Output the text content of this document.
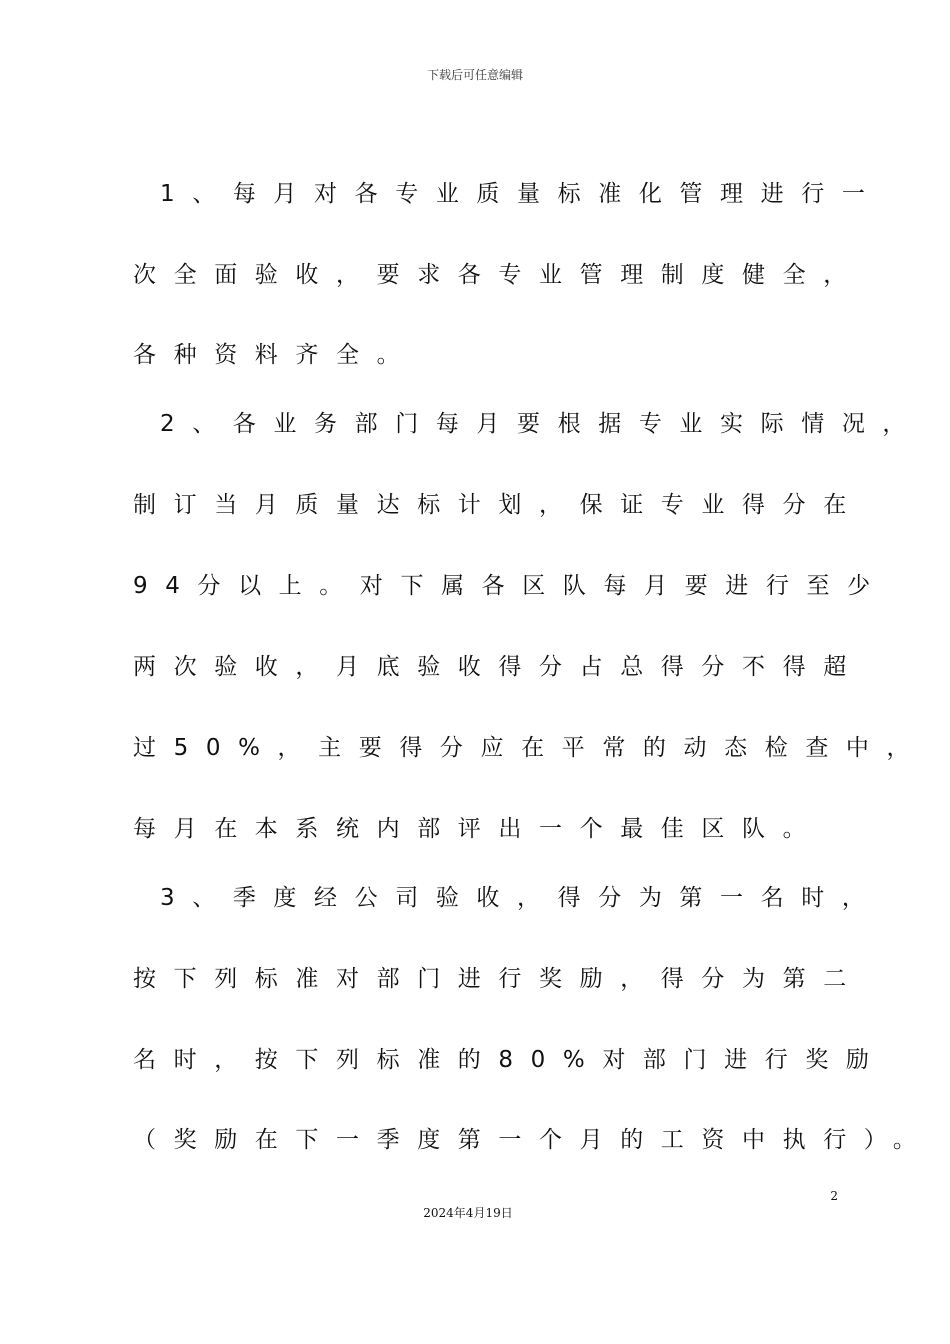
下载后可任意编辑
1、每月对各专业质量标准化管理进行一
次全面验收，要求各专业管理制度健全，
各种资料齐全。
2、各业务部门每月要根据专业实际情况，
制订当月质量达标计划，保证专业得分在
94分以上。对下属各区队每月要进行至少
两次验收，月底验收得分占总得分不得超
过50%，主要得分应在平常的动态检查中，
每月在本系统内部评出一个最佳区队。
3、季度经公司验收，得分为第一名时，
按下列标准对部门进行奖励，得分为第二
名时，按下列标准的80%对部门进行奖励
（奖励在下一季度第一个月的工资中执行）。
2
2024年4月19日
